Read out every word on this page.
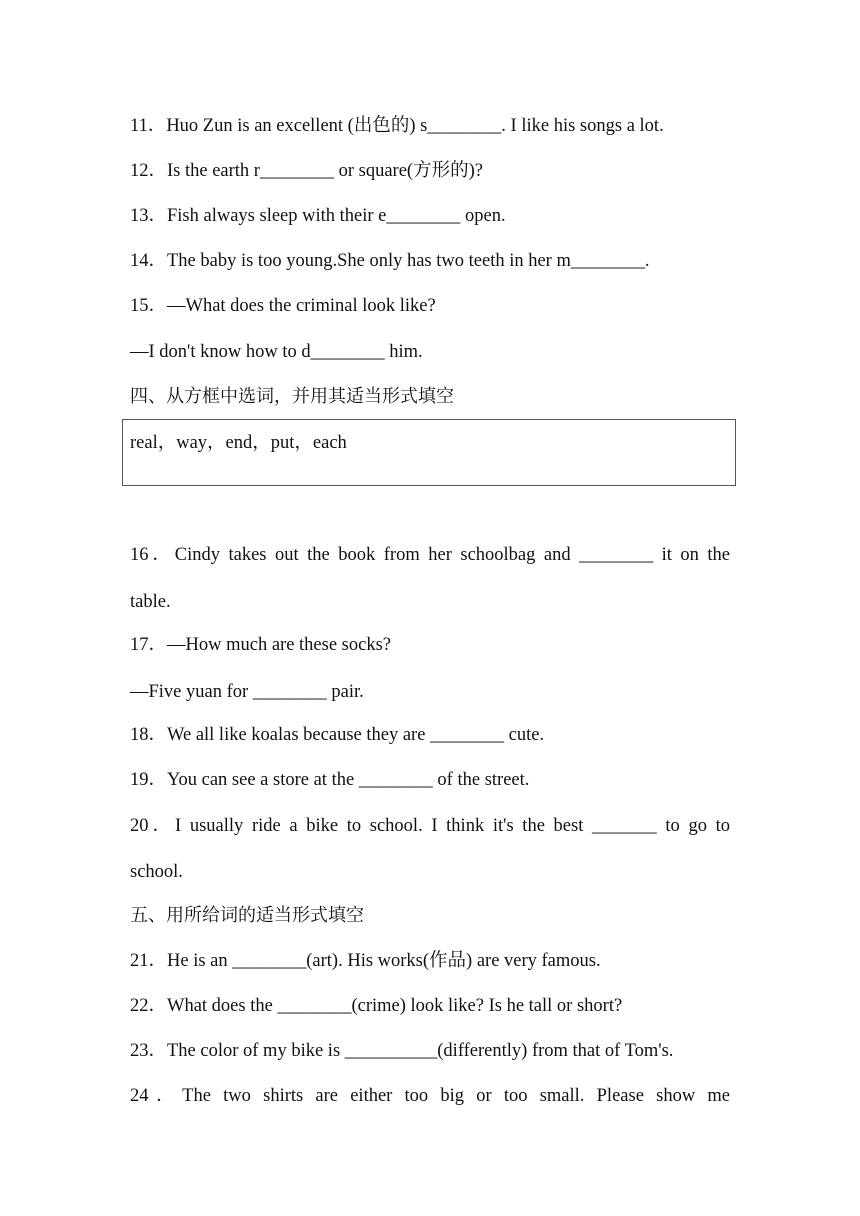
11．Huo Zun is an excellent (出色的) s________. I like his songs a lot.
12．Is the earth r________ or square(方形的)?
13．Fish always sleep with their e________ open.
14．The baby is too young.She only has two teeth in her m________.
15．—What does the criminal look like?
—I don't know how to d________ him.
四、从方框中选词，并用其适当形式填空
real，way，end，put，each
16．Cindy takes out the book from her schoolbag and ________ it on the
table.
17．—How much are these socks?
—Five yuan for ________ pair.
18．We all like koalas because they are ________ cute.
19．You can see a store at the ________ of the street.
20．I usually ride a bike to school. I think it's the best _______ to go to
school.
五、用所给词的适当形式填空
21．He is an ________(art). His works(作品) are very famous.
22．What does the ________(crime) look like? Is he tall or short?
23．The color of my bike is __________(differently) from that of Tom's.
24．The two shirts are either too big or too small. Please show me
